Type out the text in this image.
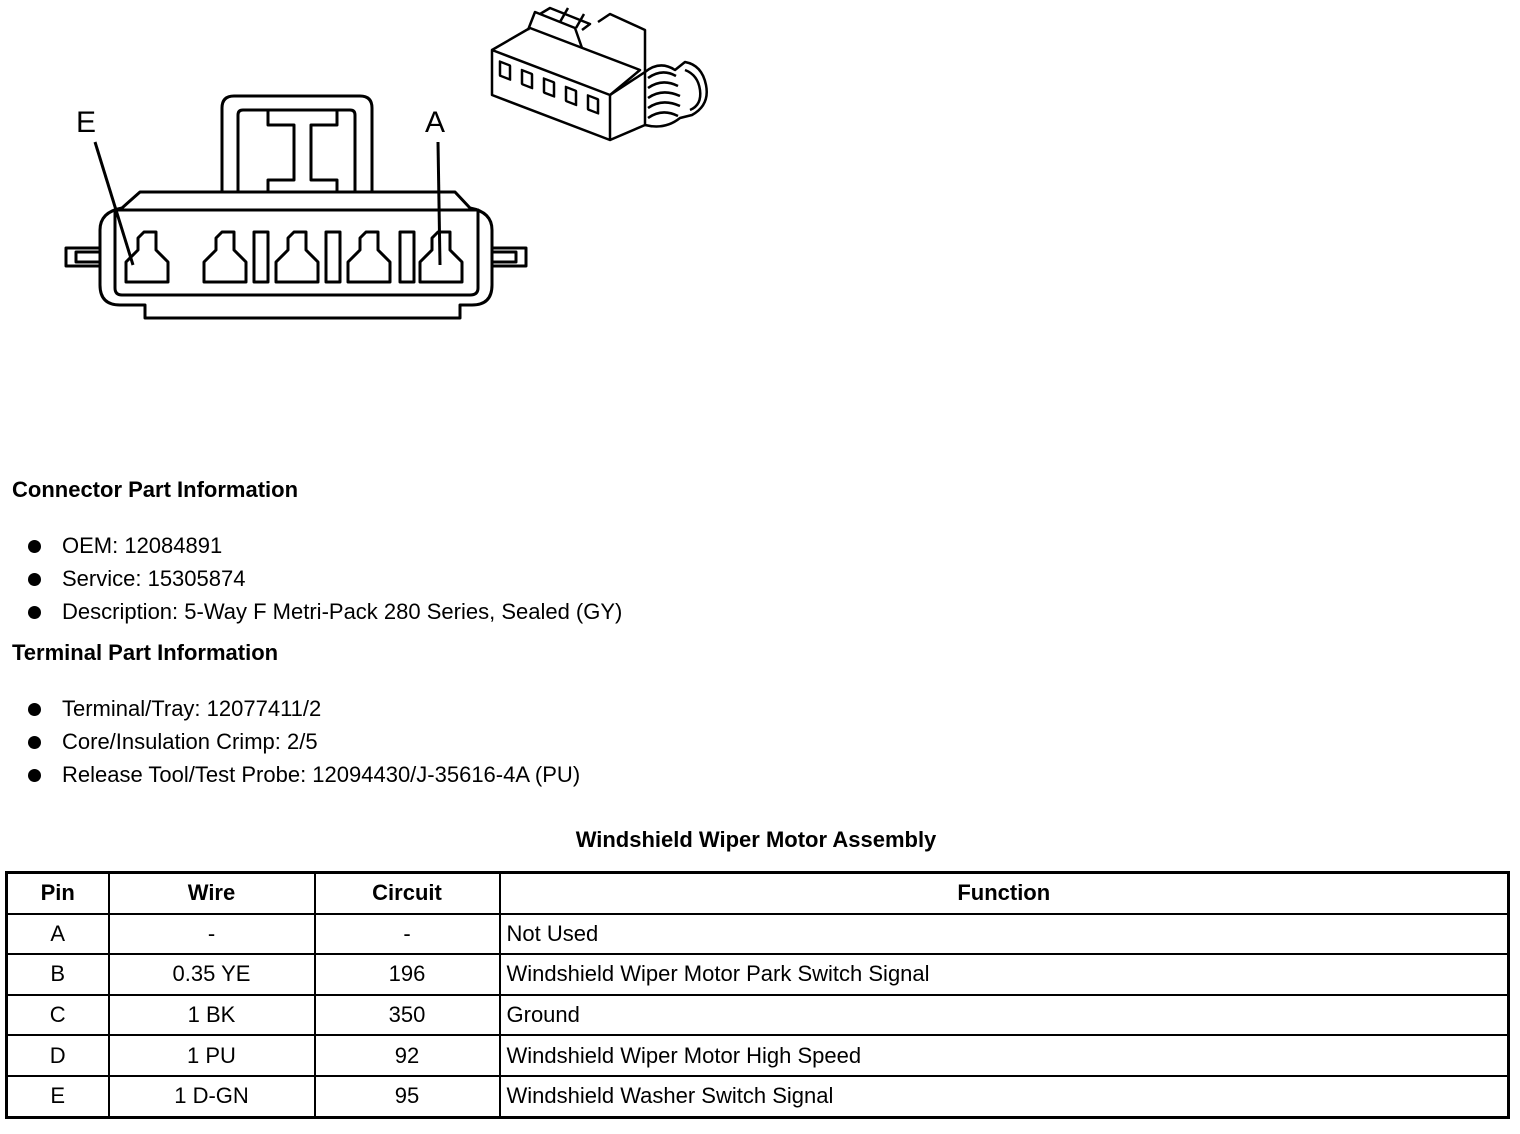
E	A
Connector Part Information
OEM: 12084891
Service: 15305874
Description: 5-Way F Metri-Pack 280 Series, Sealed (GY)
Terminal Part Information
Terminal/Tray: 12077411/2
Core/Insulation Crimp: 2/5
Release Tool/Test Probe: 12094430/J-35616-4A (PU)
Windshield Wiper Motor Assembly
Pin	Wire	Circuit	Function
A	-	-	Not Used
B	0.35 YE	196	Windshield Wiper Motor Park Switch Signal
C	1 BK	350	Ground
D	1 PU	92	Windshield Wiper Motor High Speed
E	1 D-GN	95	Windshield Washer Switch Signal
